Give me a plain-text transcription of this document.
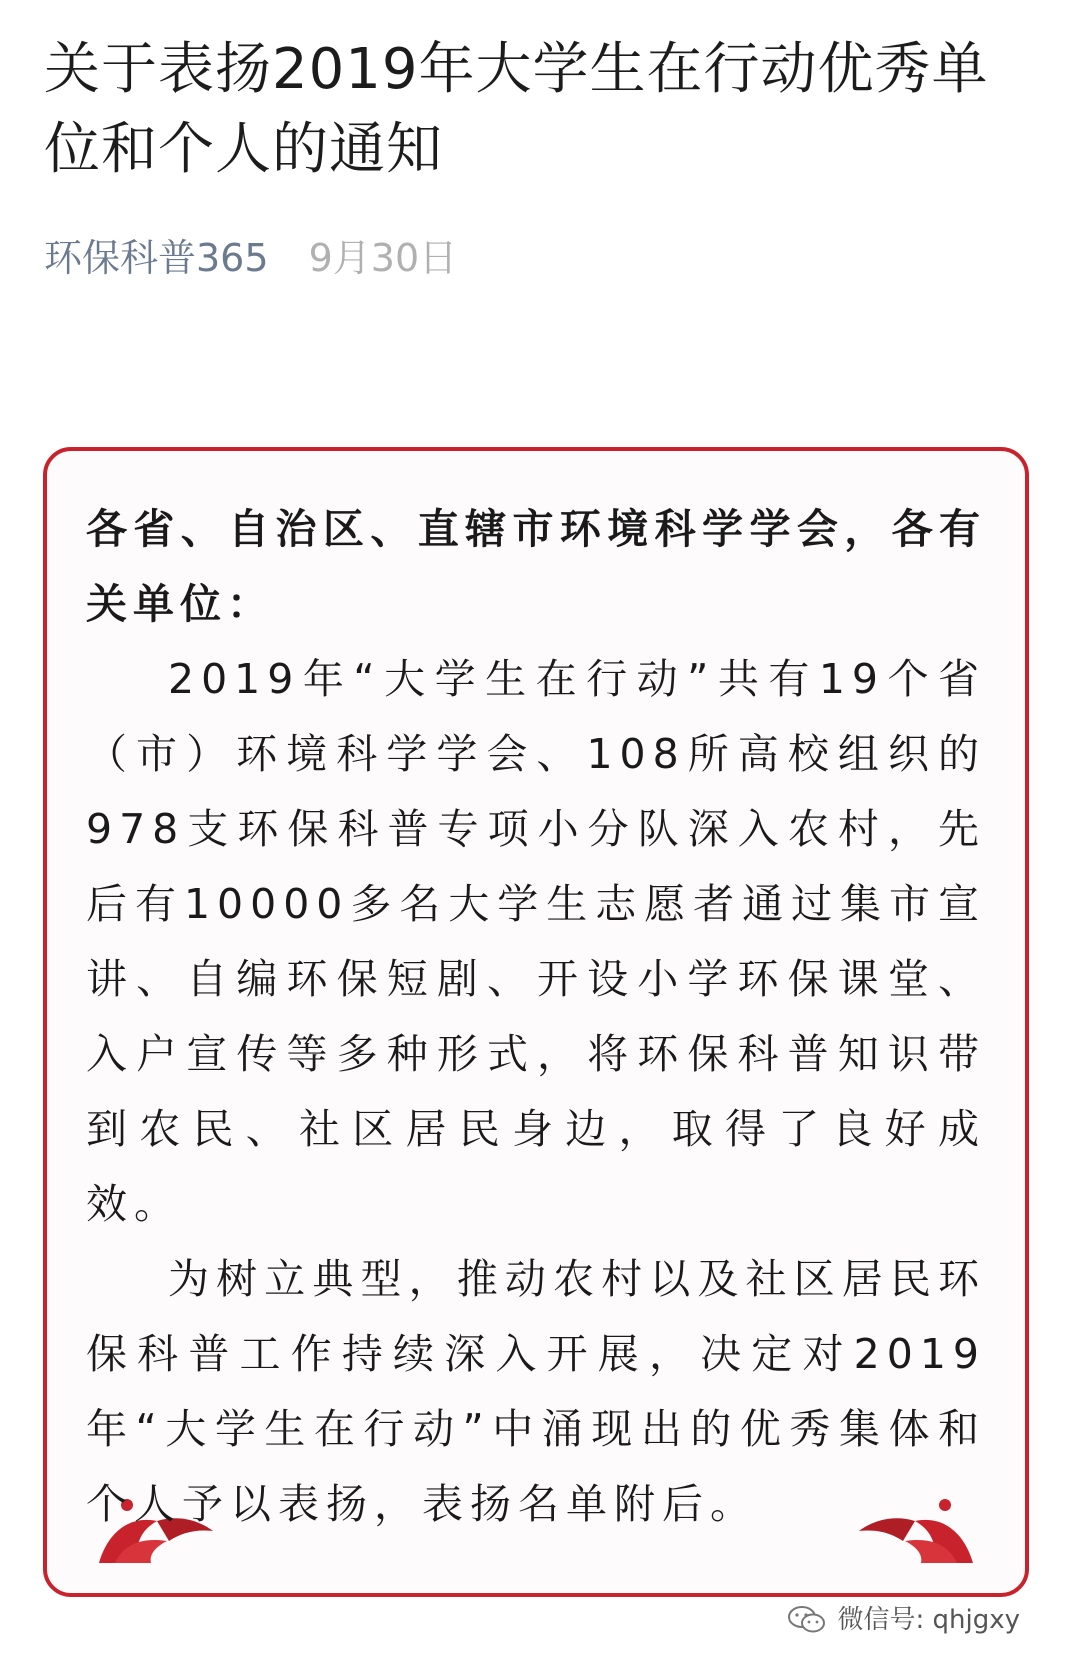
关于表扬2019年大学生在行动优秀单位和个人的通知
环保科普365 9月30日

各省、自治区、直辖市环境科学学会，各有关单位：

2019年“大学生在行动”共有19个省（市）环境科学学会、108所高校组织的978支环保科普专项小分队深入农村，先后有10000多名大学生志愿者通过集市宣讲、自编环保短剧、开设小学环保课堂、入户宣传等多种形式，将环保科普知识带到农民、社区居民身边，取得了良好成效。

为树立典型，推动农村以及社区居民环保科普工作持续深入开展，决定对2019年“大学生在行动”中涌现出的优秀集体和个人予以表扬，表扬名单附后。

微信号: qhjgxy
